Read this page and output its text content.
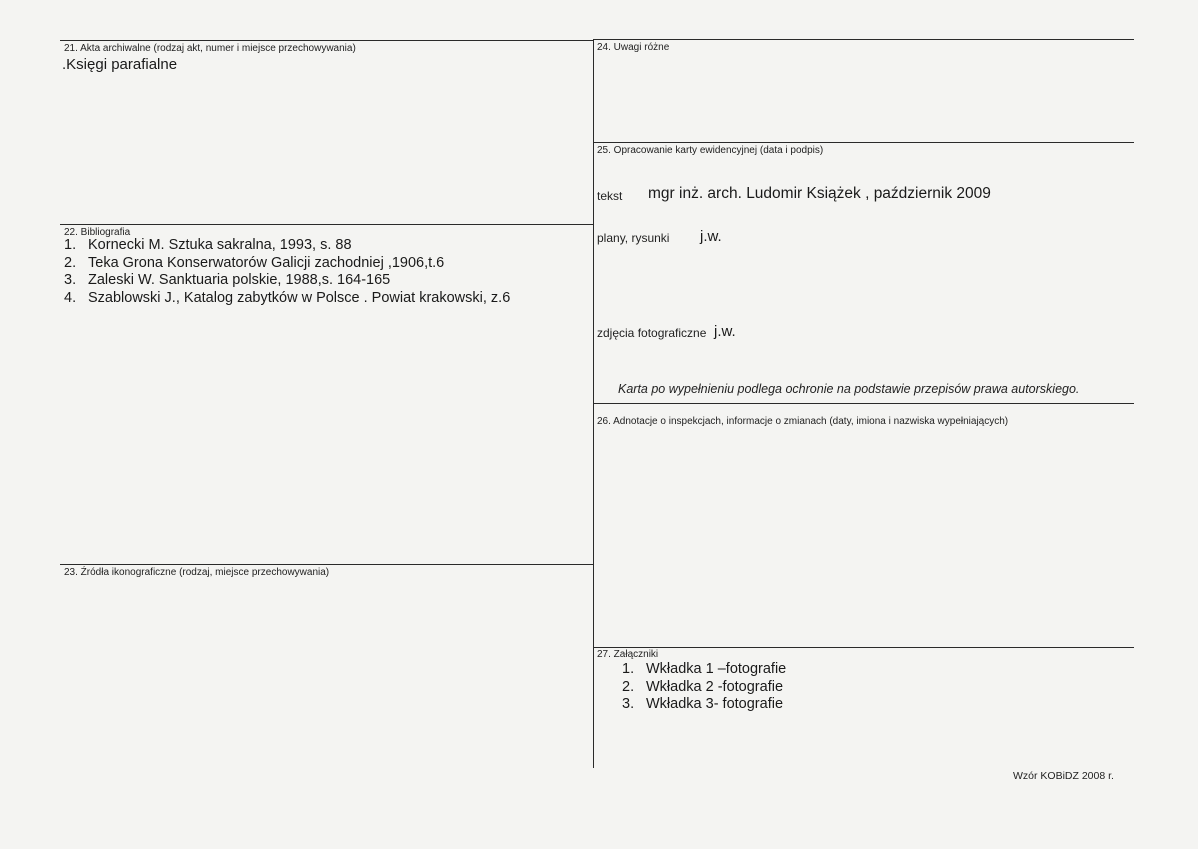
21. Akta archiwalne (rodzaj akt, numer i miejsce przechowywania)
.Księgi parafialne
22. Bibliografia
1. Kornecki M. Sztuka sakralna, 1993, s. 88
2. Teka Grona Konserwatorów Galicji zachodniej ,1906,t.6
3. Zaleski W. Sanktuaria polskie, 1988,s. 164-165
4. Szablowski J., Katalog zabytków w Polsce . Powiat krakowski, z.6
23. Źródła ikonograficzne (rodzaj, miejsce przechowywania)
24. Uwagi różne
25. Opracowanie karty ewidencyjnej (data i podpis)
tekst mgr inż. arch. Ludomir Książek , październik 2009
plany, rysunki j.w.
zdjęcia fotograficzne j.w.
Karta po wypełnieniu podlega ochronie na podstawie przepisów prawa autorskiego.
26. Adnotacje o inspekcjach, informacje o zmianach (daty, imiona i nazwiska wypełniających)
27. Załączniki
1. Wkładka 1 –fotografie
2. Wkładka 2 -fotografie
3. Wkładka 3- fotografie
Wzór KOBiDZ 2008 r.
